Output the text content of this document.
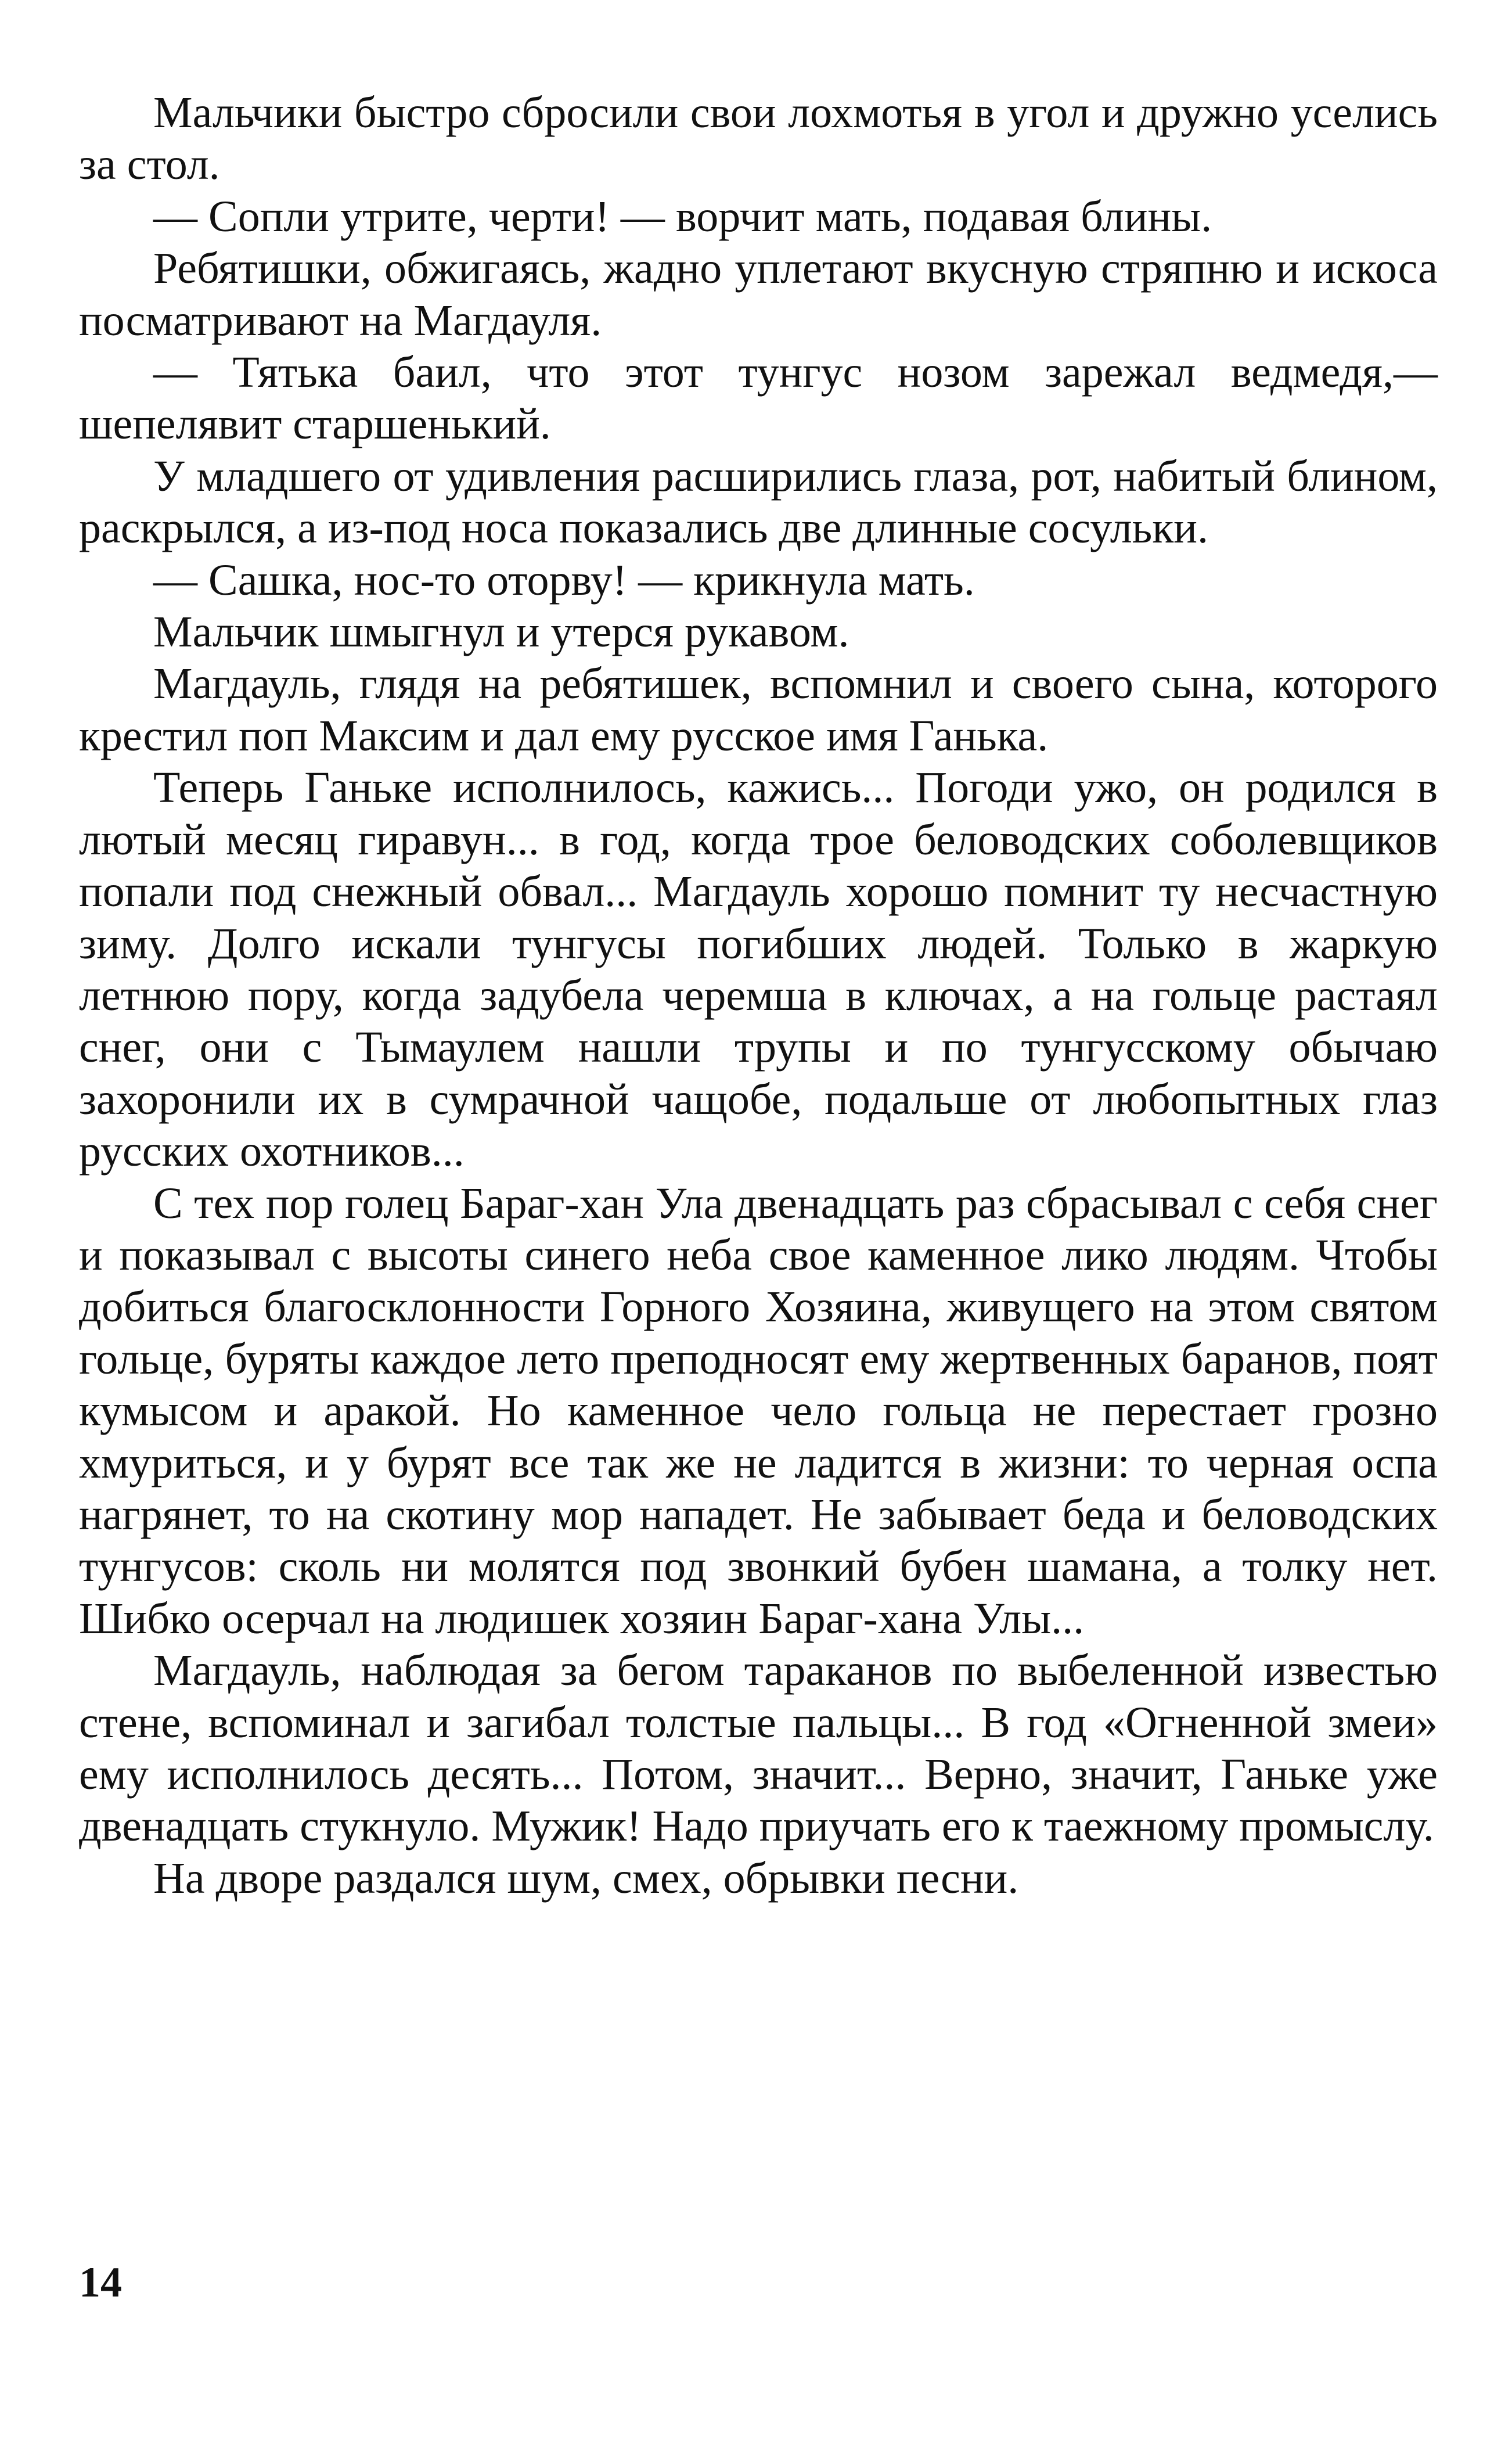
Мальчики быстро сбросили свои лохмотья в угол и дружно уселись за стол.

— Сопли утрите, черти! — ворчит мать, подавая блины.

Ребятишки, обжигаясь, жадно уплетают вкусную стряпню и искоса посматривают на Магдауля.

— Тятька баил, что этот тунгус нозом зарежал ведмедя,— шепелявит старшенький.

У младшего от удивления расширились глаза, рот, набитый блином, раскрылся, а из-под носа показались две длинные сосульки.

— Сашка, нос-то оторву! — крикнула мать.

Мальчик шмыгнул и утерся рукавом.

Магдауль, глядя на ребятишек, вспомнил и своего сына, которого крестил поп Максим и дал ему русское имя Ганька.

Теперь Ганьке исполнилось, кажись... Погоди ужо, он родился в лютый месяц гиравун... в год, когда трое беловодских соболевщиков попали под снежный обвал... Магдауль хорошо помнит ту несчастную зиму. Долго искали тунгусы погибших людей. Только в жаркую летнюю пору, когда задубела черемша в ключах, а на гольце растаял снег, они с Тымаулем нашли трупы и по тунгусскому обычаю захоронили их в сумрачной чащобе, подальше от любопытных глаз русских охотников...

С тех пор голец Бараг-хан Ула двенадцать раз сбрасывал с себя снег и показывал с высоты синего неба свое каменное лико людям. Чтобы добиться благосклонности Горного Хозяина, живущего на этом святом гольце, буряты каждое лето преподносят ему жертвенных баранов, поят кумысом и аракой. Но каменное чело гольца не перестает грозно хмуриться, и у бурят все так же не ладится в жизни: то черная оспа нагрянет, то на скотину мор нападет. Не забывает беда и беловодских тунгусов: сколь ни молятся под звонкий бубен шамана, а толку нет. Шибко осерчал на людишек хозяин Бараг-хана Улы...

Магдауль, наблюдая за бегом тараканов по выбеленной известью стене, вспоминал и загибал толстые пальцы... В год «Огненной змеи» ему исполнилось десять... Потом, значит... Верно, значит, Ганьке уже двенадцать стукнуло. Мужик! Надо приучать его к таежному промыслу.

На дворе раздался шум, смех, обрывки песни.

14
